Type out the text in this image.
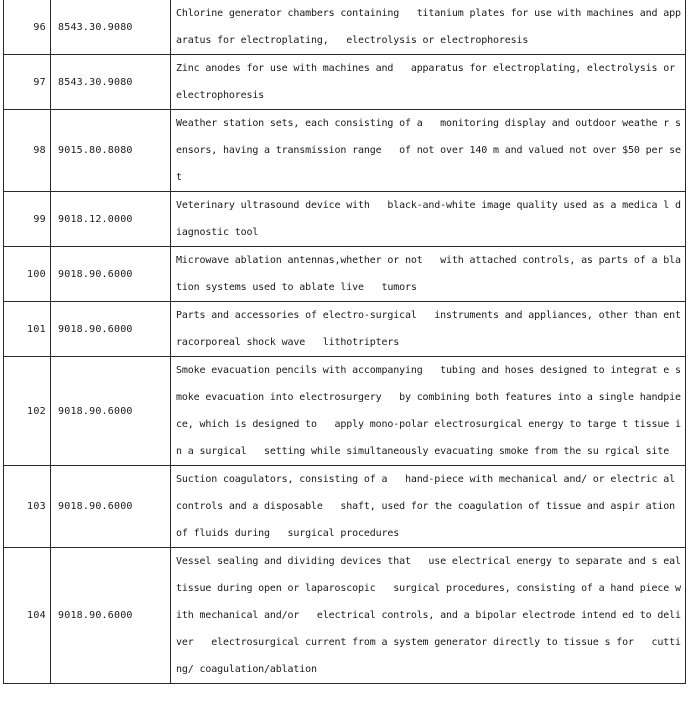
96	8543.30.9080	Chlorine generator chambers containing   titanium plates for use with machines and apparatus for electroplating,   electrolysis or electrophoresis
97	8543.30.9080	Zinc anodes for use with machines and   apparatus for electroplating, electrolysis or electrophoresis
98	9015.80.8080	Weather station sets, each consisting of a   monitoring display and outdoor weathe r sensors, having a transmission range   of not over 140 m and valued not over $50 per set
99	9018.12.0000	Veterinary ultrasound device with   black-and-white image quality used as a medica l diagnostic tool
100	9018.90.6000	Microwave ablation antennas,whether or not   with attached controls, as parts of a blation systems used to ablate live   tumors
101	9018.90.6000	Parts and accessories of electro-surgical   instruments and appliances, other than entracorporeal shock wave   lithotripters
102	9018.90.6000	Smoke evacuation pencils with accompanying   tubing and hoses designed to integrat e smoke evacuation into electrosurgery   by combining both features into a single handpiece, which is designed to   apply mono-polar electrosurgical energy to targe t tissue in a surgical   setting while simultaneously evacuating smoke from the su rgical site
103	9018.90.6000	Suction coagulators, consisting of a   hand-piece with mechanical and/ or electric al controls and a disposable   shaft, used for the coagulation of tissue and aspir ation of fluids during   surgical procedures
104	9018.90.6000	Vessel sealing and dividing devices that   use electrical energy to separate and s eal tissue during open or laparoscopic   surgical procedures, consisting of a hand piece with mechanical and/or   electrical controls, and a bipolar electrode intend ed to deliver   electrosurgical current from a system generator directly to tissue s for   cutting/ coagulation/ablation
